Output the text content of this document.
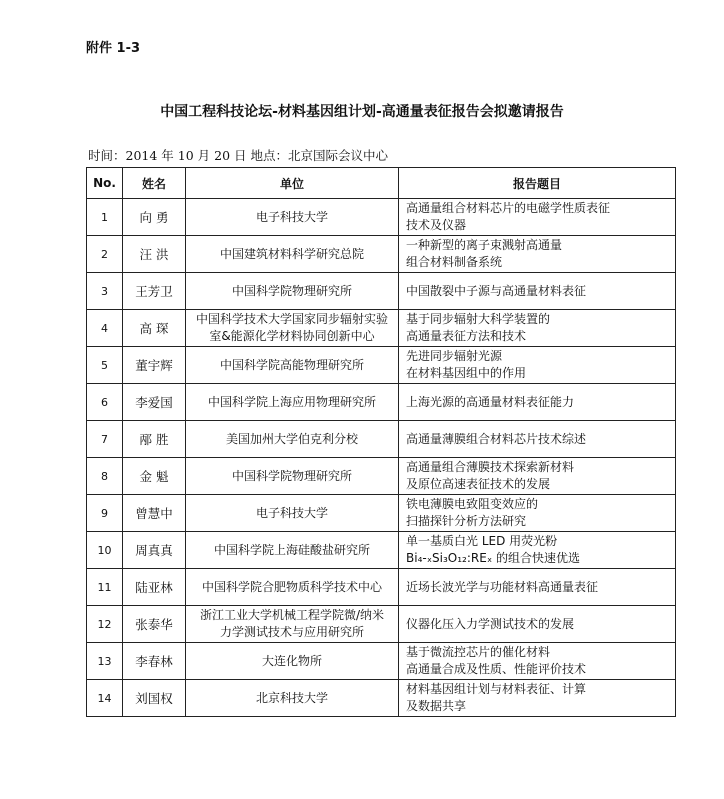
附件 1-3
中国工程科技论坛-材料基因组计划-高通量表征报告会拟邀请报告
时间：2014 年 10 月 20 日 地点：北京国际会议中心
No.	姓名	单位	报告题目
1	向 勇	电子科技大学	高通量组合材料芯片的电磁学性质表征
技术及仪器

2	汪 洪	中国建筑材料科学研究总院	一种新型的离子束溅射高通量
组合材料制备系统

3	王芳卫	中国科学院物理研究所	中国散裂中子源与高通量材料表征

4	高 琛	中国科学技术大学国家同步辐射实验
室&能源化学材料协同创新中心	基于同步辐射大科学装置的
高通量表征方法和技术

5	董宇辉	中国科学院高能物理研究所	先进同步辐射光源
在材料基因组中的作用

6	李爱国	中国科学院上海应用物理研究所	上海光源的高通量材料表征能力

7	邴 胜	美国加州大学伯克利分校	高通量薄膜组合材料芯片技术综述

8	金 魁	中国科学院物理研究所	高通量组合薄膜技术探索新材料
及原位高速表征技术的发展

9	曾慧中	电子科技大学	铁电薄膜电致阻变效应的
扫描探针分析方法研究

10	周真真	中国科学院上海硅酸盐研究所	单一基质白光 LED 用荧光粉
Bi₄-ₓSi₃O₁₂:REₓ 的组合快速优选

11	陆亚林	中国科学院合肥物质科学技术中心	近场长波光学与功能材料高通量表征

12	张泰华	浙江工业大学机械工程学院微/纳米
力学测试技术与应用研究所	仪器化压入力学测试技术的发展

13	李春林	大连化物所	基于微流控芯片的催化材料
高通量合成及性质、性能评价技术

14	刘国权	北京科技大学	材料基因组计划与材料表征、计算
及数据共享
